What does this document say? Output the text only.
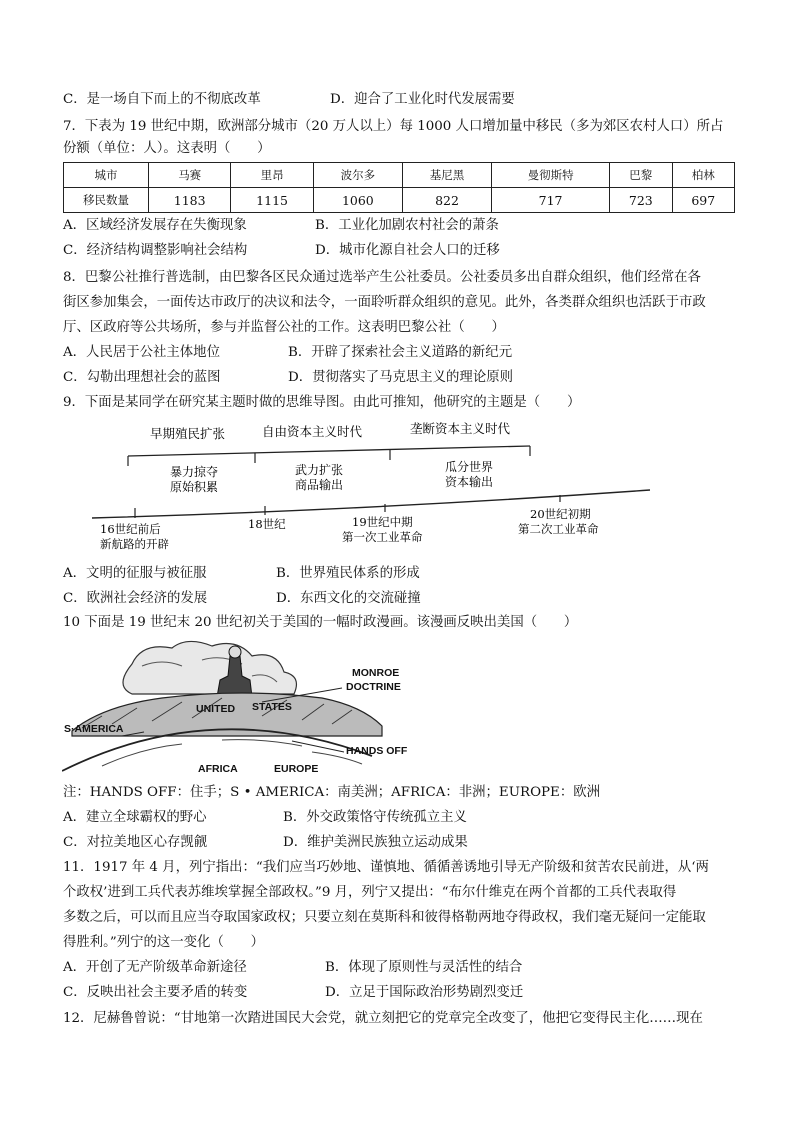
C．是一场自下而上的不彻底改革	D．迎合了工业化时代发展需要
7．下表为 19 世纪中期，欧洲部分城市（20 万人以上）每 1000 人口增加量中移民（多为郊区农村人口）所占
份额（单位：人）。这表明（　　）
城市	马赛	里昂	波尔多	基尼黑	曼彻斯特	巴黎	柏林
移民数量	1183	1115	1060	822	717	723	697
A．区域经济发展存在失衡现象	B．工业化加剧农村社会的萧条
C．经济结构调整影响社会结构	D．城市化源自社会人口的迁移
8．巴黎公社推行普选制，由巴黎各区民众通过选举产生公社委员。公社委员多出自群众组织，他们经常在各
街区参加集会，一面传达市政厅的决议和法令，一面聆听群众组织的意见。此外，各类群众组织也活跃于市政
厅、区政府等公共场所，参与并监督公社的工作。这表明巴黎公社（　　）
A．人民居于公社主体地位	B．开辟了探索社会主义道路的新纪元
C．勾勒出理想社会的蓝图	D．贯彻落实了马克思主义的理论原则
9．下面是某同学在研究某主题时做的思维导图。由此可推知，他研究的主题是（　　）
早期殖民扩张	自由资本主义时代	垄断资本主义时代
暴力掠夺
原始积累
武力扩张
商品输出
瓜分世界
资本输出
16世纪前后
新航路的开辟
18世纪	19世纪中期
第一次工业革命
20世纪初期
第二次工业革命
A．文明的征服与被征服	B．世界殖民体系的形成
C．欧洲社会经济的发展	D．东西文化的交流碰撞
10 下面是 19 世纪末 20 世纪初关于美国的一幅时政漫画。该漫画反映出美国（　　）
MONROE
DOCTRINE
UNITED STATES
S·AMERICA
HANDS OFF
AFRICA	EUROPE
注：HANDS OFF：住手；S • AMERICA：南美洲；AFRICA：非洲；EUROPE：欧洲
A．建立全球霸权的野心	B．外交政策恪守传统孤立主义
C．对拉美地区心存觊觎	D．维护美洲民族独立运动成果
11．1917 年 4 月，列宁指出：“我们应当巧妙地、谨慎地、循循善诱地引导无产阶级和贫苦农民前进，从‘两
个政权’进到工兵代表苏维埃掌握全部政权。”9 月，列宁又提出：“布尔什维克在两个首都的工兵代表取得
多数之后，可以而且应当夺取国家政权；只要立刻在莫斯科和彼得格勒两地夺得政权，我们毫无疑问一定能取
得胜利。”列宁的这一变化（　　）
A．开创了无产阶级革命新途径	B．体现了原则性与灵活性的结合
C．反映出社会主要矛盾的转变	D．立足于国际政治形势剧烈变迁
12．尼赫鲁曾说：“甘地第一次踏进国民大会党，就立刻把它的党章完全改变了，他把它变得民主化……现在
